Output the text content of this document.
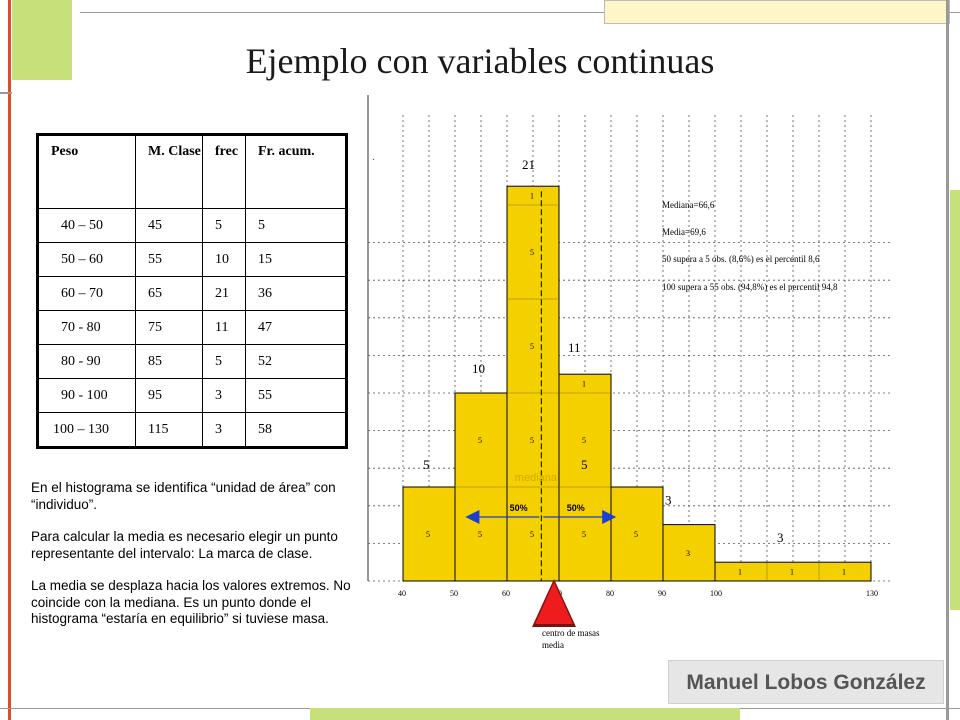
Ejemplo con variables continuas
Peso	M. Clase	frec	Fr. acum.
40 – 50	45	5	5
50 – 60	55	10	15
60 – 70	65	21	36
70 - 80	75	11	47
80 - 90	85	5	52
90 - 100	95	3	55
100 – 130	115	3	58

En el histograma se identifica “unidad de área” con “individuo”.

Para calcular la media es necesario elegir un punto representante del intervalo: La marca de clase.

La media se desplaza hacia los valores extremos. No coincide con la mediana. Es un punto donde el histograma “estaría en equilibrio” si tuviese masa.

.
5
5
5
5
10
5
5
5
5
1
21
5
5
1
11
5
5
3
3
1	1	1
3
40	50	60	70	80	90	100	130
mediana
50%	50%
Mediana=66,6
Media=69,6
50 supera a 5 obs. (8,6%) es el percentil 8,6
100 supera a 55 obs. (94,8%) es el percentil 94,8
centro de masas
media
Manuel Lobos González
